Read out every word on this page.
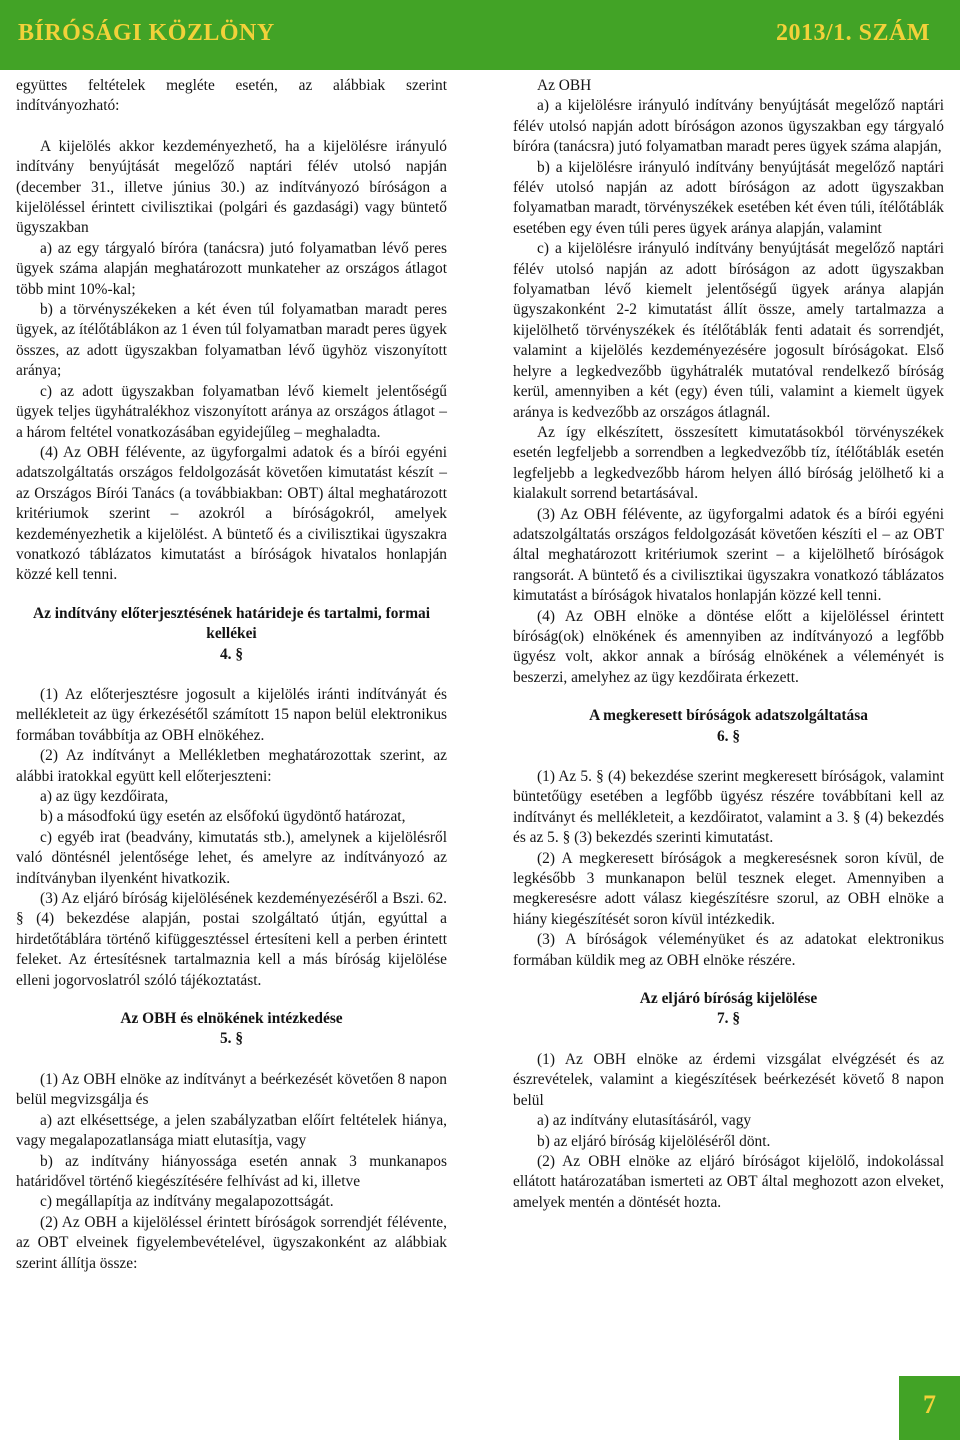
BÍRÓSÁGI KÖZLÖNY	2013/1. SZÁM

együttes feltételek megléte esetén, az alábbiak szerint indítványozható:

A kijelölés akkor kezdeményezhető, ha a kijelölésre irányuló indítvány benyújtását megelőző naptári félév utolsó napján (december 31., illetve június 30.) az indítványozó bíróságon a kijelöléssel érintett civilisztikai (polgári és gazdasági) vagy büntető ügyszakban

a) az egy tárgyaló bíróra (tanácsra) jutó folyamatban lévő peres ügyek száma alapján meghatározott munkateher az országos átlagot több mint 10%-kal;

b) a törvényszékeken a két éven túl folyamatban maradt peres ügyek, az ítélőtáblákon az 1 éven túl folyamatban maradt peres ügyek összes, az adott ügyszakban folyamatban lévő ügyhöz viszonyított aránya;

c) az adott ügyszakban folyamatban lévő kiemelt jelentőségű ügyek teljes ügyhátralékhoz viszonyított aránya az országos átlagot – a három feltétel vonatkozásában egyidejűleg – meghaladta.

(4) Az OBH félévente, az ügyforgalmi adatok és a bírói egyéni adatszolgáltatás országos feldolgozását követően kimutatást készít – az Országos Bírói Tanács (a továbbiakban: OBT) által meghatározott kritériumok szerint – azokról a bíróságokról, amelyek kezdeményezhetik a kijelölést. A büntető és a civilisztikai ügyszakra vonatkozó táblázatos kimutatást a bíróságok hivatalos honlapján közzé kell tenni.

Az indítvány előterjesztésének határideje és tartalmi, formai kellékei

4. §

(1) Az előterjesztésre jogosult a kijelölés iránti indítványát és mellékleteit az ügy érkezésétől számított 15 napon belül elektronikus formában továbbítja az OBH elnökéhez.

(2) Az indítványt a Mellékletben meghatározottak szerint, az alábbi iratokkal együtt kell előterjeszteni:

a) az ügy kezdőirata,

b) a másodfokú ügy esetén az elsőfokú ügydöntő határozat,

c) egyéb irat (beadvány, kimutatás stb.), amelynek a kijelölésről való döntésnél jelentősége lehet, és amelyre az indítványozó az indítványban ilyenként hivatkozik.

(3) Az eljáró bíróság kijelölésének kezdeményezéséről a Bszi. 62. § (4) bekezdése alapján, postai szolgáltató útján, egyúttal a hirdetőtáblára történő kifüggesztéssel értesíteni kell a perben érintett feleket. Az értesítésnek tartalmaznia kell a más bíróság kijelölése elleni jogorvoslatról szóló tájékoztatást.

Az OBH és elnökének intézkedése

5. §

(1) Az OBH elnöke az indítványt a beérkezését követően 8 napon belül megvizsgálja és

a) azt elkésettsége, a jelen szabályzatban előírt feltételek hiánya, vagy megalapozatlansága miatt elutasítja, vagy

b) az indítvány hiányossága esetén annak 3 munkanapos határidővel történő kiegészítésére felhívást ad ki, illetve

c) megállapítja az indítvány megalapozottságát.

(2) Az OBH a kijelöléssel érintett bíróságok sorrendjét félévente, az OBT elveinek figyelembevételével, ügyszakonként az alábbiak szerint állítja össze:

Az OBH

a) a kijelölésre irányuló indítvány benyújtását megelőző naptári félév utolsó napján adott bíróságon azonos ügyszakban egy tárgyaló bíróra (tanácsra) jutó folyamatban maradt peres ügyek száma alapján,

b) a kijelölésre irányuló indítvány benyújtását megelőző naptári félév utolsó napján az adott bíróságon az adott ügyszakban folyamatban maradt, törvényszékek esetében két éven túli, ítélőtáblák esetében egy éven túli peres ügyek aránya alapján, valamint

c) a kijelölésre irányuló indítvány benyújtását megelőző naptári félév utolsó napján az adott bíróságon az adott ügyszakban folyamatban lévő kiemelt jelentőségű ügyek aránya alapján ügyszakonként 2-2 kimutatást állít össze, amely tartalmazza a kijelölhető törvényszékek és ítélőtáblák fenti adatait és sorrendjét, valamint a kijelölés kezdeményezésére jogosult bíróságokat. Első helyre a legkedvezőbb ügyhátralék mutatóval rendelkező bíróság kerül, amennyiben a két (egy) éven túli, valamint a kiemelt ügyek aránya is kedvezőbb az országos átlagnál.

Az így elkészített, összesített kimutatásokból törvényszékek esetén legfeljebb a sorrendben a legkedvezőbb tíz, ítélőtáblák esetén legfeljebb a legkedvezőbb három helyen álló bíróság jelölhető ki a kialakult sorrend betartásával.

(3) Az OBH félévente, az ügyforgalmi adatok és a bírói egyéni adatszolgáltatás országos feldolgozását követően készíti el – az OBT által meghatározott kritériumok szerint – a kijelölhető bíróságok rangsorát. A büntető és a civilisztikai ügyszakra vonatkozó táblázatos kimutatást a bíróságok hivatalos honlapján közzé kell tenni.

(4) Az OBH elnöke a döntése előtt a kijelöléssel érintett bíróság(ok) elnökének és amennyiben az indítványozó a legfőbb ügyész volt, akkor annak a bíróság elnökének a véleményét is beszerzi, amelyhez az ügy kezdőirata érkezett.

A megkeresett bíróságok adatszolgáltatása

6. §

(1) Az 5. § (4) bekezdése szerint megkeresett bíróságok, valamint büntetőügy esetében a legfőbb ügyész részére továbbítani kell az indítványt és mellékleteit, a kezdőiratot, valamint a 3. § (4) bekezdés és az 5. § (3) bekezdés szerinti kimutatást.

(2) A megkeresett bíróságok a megkeresésnek soron kívül, de legkésőbb 3 munkanapon belül tesznek eleget. Amennyiben a megkeresésre adott válasz kiegészítésre szorul, az OBH elnöke a hiány kiegészítését soron kívül intézkedik.

(3) A bíróságok véleményüket és az adatokat elektronikus formában küldik meg az OBH elnöke részére.

Az eljáró bíróság kijelölése

7. §

(1) Az OBH elnöke az érdemi vizsgálat elvégzését és az észrevételek, valamint a kiegészítések beérkezését követő 8 napon belül

a) az indítvány elutasításáról, vagy

b) az eljáró bíróság kijelöléséről dönt.

(2) Az OBH elnöke az eljáró bíróságot kijelölő, indokolással ellátott határozatában ismerteti az OBT által meghozott azon elveket, amelyek mentén a döntését hozta.

7
